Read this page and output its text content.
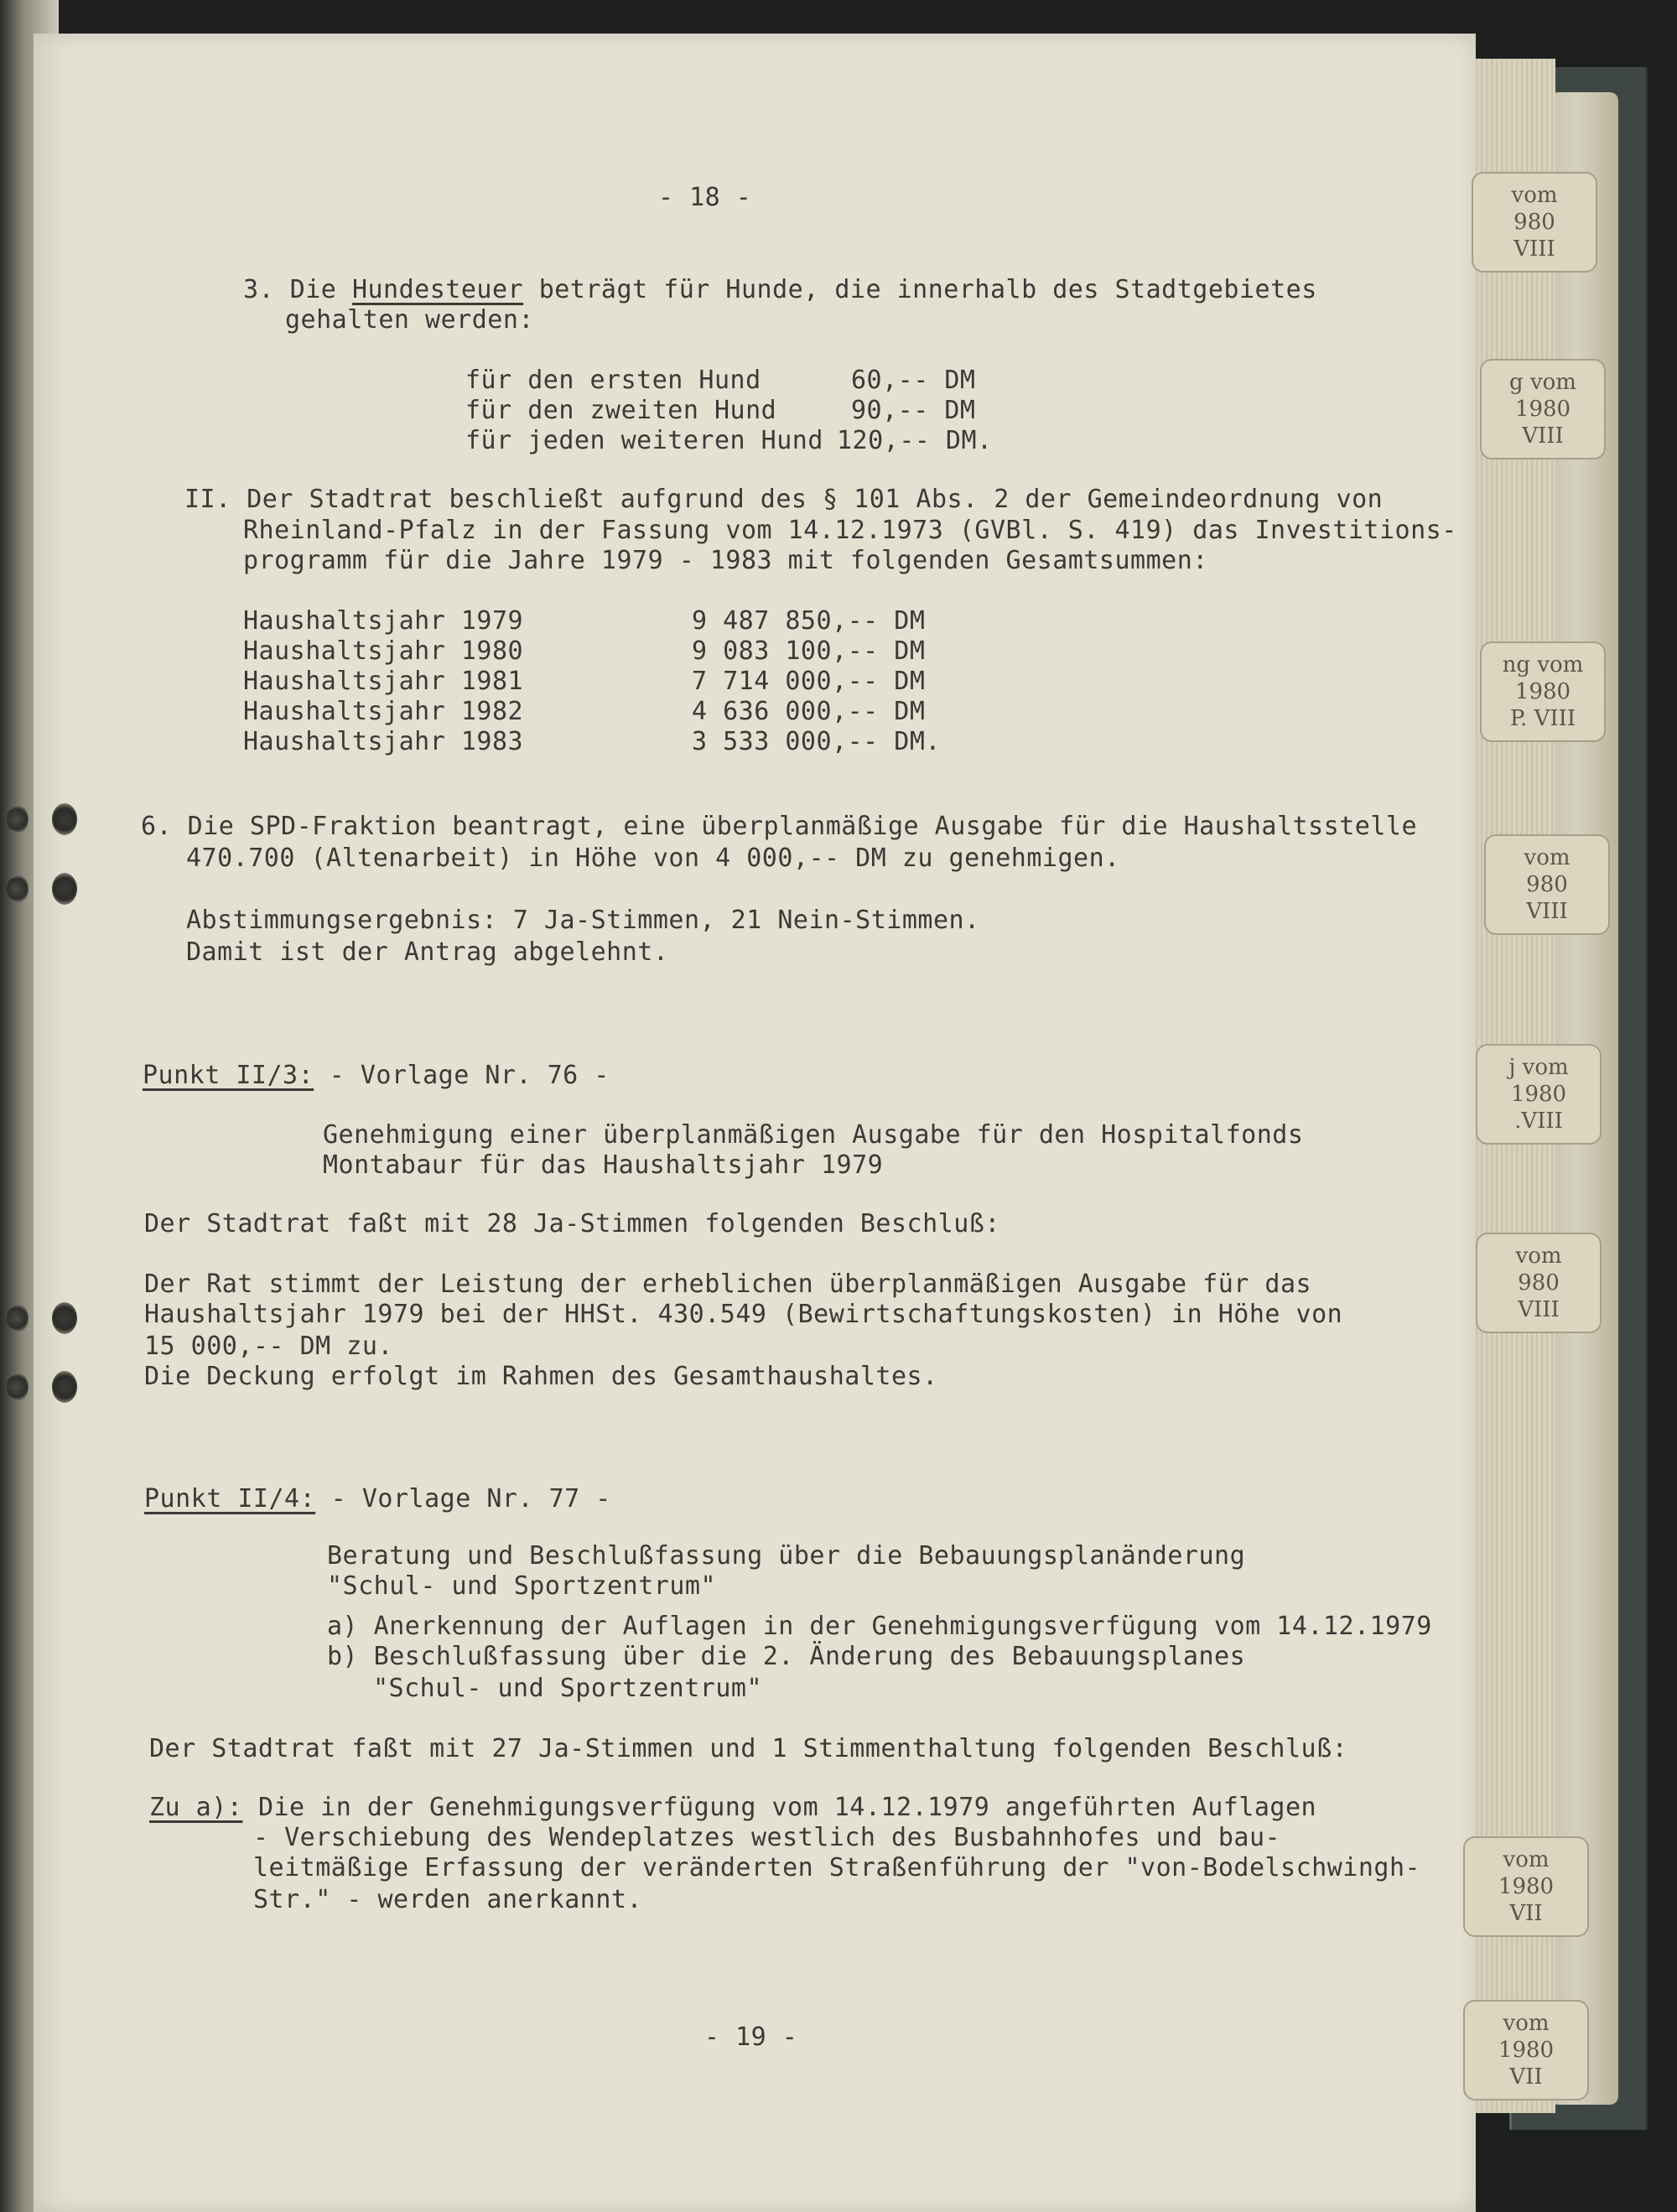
vom
980
VIII
g vom
1980
VIII
ng vom
1980
P. VIII
vom
980
VIII
j vom
1980
.VIII
vom
980
VIII
vom
1980
VII
vom
1980
VII
- 18 -
3. Die Hundesteuer beträgt für Hunde, die innerhalb des Stadtgebietes
gehalten werden:
für den ersten Hund	60,-- DM
für den zweiten Hund	90,-- DM
für jeden weiteren Hund 120,-- DM.
II. Der Stadtrat beschließt aufgrund des § 101 Abs. 2 der Gemeindeordnung von
Rheinland-Pfalz in der Fassung vom 14.12.1973 (GVBl. S. 419) das Investitions-
programm für die Jahre 1979 - 1983 mit folgenden Gesamtsummen:
Haushaltsjahr 1979	9 487 850,-- DM
Haushaltsjahr 1980	9 083 100,-- DM
Haushaltsjahr 1981	7 714 000,-- DM
Haushaltsjahr 1982	4 636 000,-- DM
Haushaltsjahr 1983	3 533 000,-- DM.
6. Die SPD-Fraktion beantragt, eine überplanmäßige Ausgabe für die Haushaltsstelle
470.700 (Altenarbeit) in Höhe von 4 000,-- DM zu genehmigen.
Abstimmungsergebnis: 7 Ja-Stimmen, 21 Nein-Stimmen.
Damit ist der Antrag abgelehnt.
Punkt II/3: - Vorlage Nr. 76 -
Genehmigung einer überplanmäßigen Ausgabe für den Hospitalfonds
Montabaur für das Haushaltsjahr 1979
Der Stadtrat faßt mit 28 Ja-Stimmen folgenden Beschluß:
Der Rat stimmt der Leistung der erheblichen überplanmäßigen Ausgabe für das
Haushaltsjahr 1979 bei der HHSt. 430.549 (Bewirtschaftungskosten) in Höhe von
15 000,-- DM zu.
Die Deckung erfolgt im Rahmen des Gesamthaushaltes.
Punkt II/4: - Vorlage Nr. 77 -
Beratung und Beschlußfassung über die Bebauungsplanänderung
"Schul- und Sportzentrum"
a) Anerkennung der Auflagen in der Genehmigungsverfügung vom 14.12.1979
b) Beschlußfassung über die 2. Änderung des Bebauungsplanes
"Schul- und Sportzentrum"
Der Stadtrat faßt mit 27 Ja-Stimmen und 1 Stimmenthaltung folgenden Beschluß:
Zu a): Die in der Genehmigungsverfügung vom 14.12.1979 angeführten Auflagen
- Verschiebung des Wendeplatzes westlich des Busbahnhofes und bau-
leitmäßige Erfassung der veränderten Straßenführung der "von-Bodelschwingh-
Str." - werden anerkannt.
- 19 -
